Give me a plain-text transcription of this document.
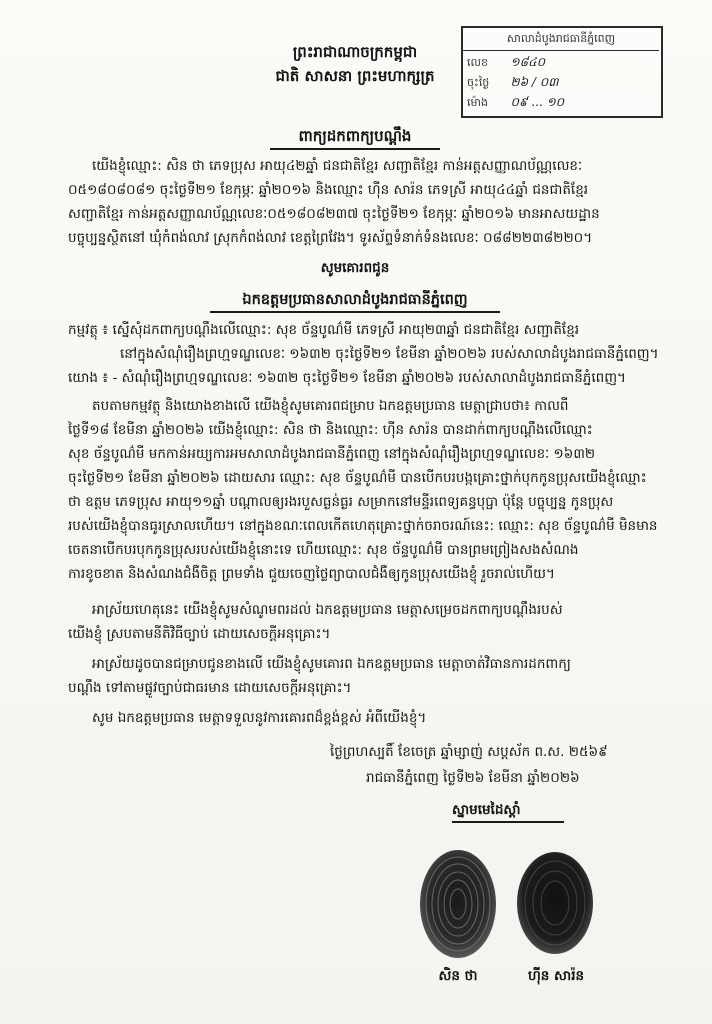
ព្រះរាជាណាចក្រកម្ពុជា
ជាតិ សាសនា ព្រះមហាក្សត្រ
សាលាដំបូងរាជធានីភ្នំពេញ
លេខ ១៨៤០
ចុះថ្ងៃ ២៦ / ០៣
ម៉ោង ០៩ ... ១០
ពាក្យដកពាក្យបណ្តឹង
យើងខ្ញុំឈ្មោះ: សិន ថា ភេទប្រុស អាយុ៤២ឆ្នាំ ជនជាតិខ្មែរ សញ្ជាតិខ្មែរ កាន់អត្តសញ្ញាណប័ណ្ណលេខៈ
០៥១៨០៨០៨១ ចុះថ្ងៃទី២១ ខែកុម្ភៈ ឆ្នាំ២០១៦ និងឈ្មោះ ហ៊ីន សារ៉ន ភេទស្រី អាយុ៤៤ឆ្នាំ ជនជាតិខ្មែរ
សញ្ជាតិខ្មែរ កាន់អត្តសញ្ញាណប័ណ្ណលេខៈ០៥១៨០៨២៣៧ ចុះថ្ងៃទី២១ ខែកុម្ភៈ ឆ្នាំ២០១៦ មានអាសយដ្ឋាន
បច្ចុប្បន្នស្ថិតនៅ ឃុំកំពង់លាវ ស្រុកកំពង់លាវ ខេត្តព្រៃវែង។ ទូរស័ព្ទទំនាក់ទំនងលេខៈ ០៨៨២២៣៨២២០។
សូមគោរពជូន
ឯកឧត្តមប្រធានសាលាដំបូងរាជធានីភ្នំពេញ
កម្មវត្ថុ ៖ ស្នើសុំដកពាក្យបណ្តឹងលើឈ្មោះ: សុខ ច័ន្ទបូណ៌មី ភេទស្រី អាយុ២៣ឆ្នាំ ជនជាតិខ្មែរ សញ្ជាតិខ្មែរ
នៅក្នុងសំណុំរឿងព្រហ្មទណ្ឌលេខៈ ១៦៣២ ចុះថ្ងៃទី២១ ខែមីនា ឆ្នាំ២០២៦ របស់សាលាដំបូងរាជធានីភ្នំពេញ។
យោង ៖ - សំណុំរឿងព្រហ្មទណ្ឌលេខៈ ១៦៣២ ចុះថ្ងៃទី២១ ខែមីនា ឆ្នាំ២០២៦ របស់សាលាដំបូងរាជធានីភ្នំពេញ។
តបតាមកម្មវត្ថុ និងយោងខាងលើ យើងខ្ញុំសូមគោរពជម្រាប ឯកឧត្តមប្រធាន មេត្តាជ្រាបថា៖ កាលពី
ថ្ងៃទី១៨ ខែមីនា ឆ្នាំ២០២៦ យើងខ្ញុំឈ្មោះ: សិន ថា និងឈ្មោះ: ហ៊ីន សារ៉ន បានដាក់ពាក្យបណ្តឹងលើឈ្មោះ
សុខ ច័ន្ទបូណ៌មី មកកាន់អយ្យការអមសាលាដំបូងរាជធានីភ្នំពេញ នៅក្នុងសំណុំរឿងព្រហ្មទណ្ឌលេខៈ ១៦៣២
ចុះថ្ងៃទី២១ ខែមីនា ឆ្នាំ២០២៦ ដោយសារ ឈ្មោះ: សុខ ច័ន្ទបូណ៌មី បានបើកបរបង្កគ្រោះថ្នាក់បុកកូនប្រុសយើងខ្ញុំឈ្មោះ
ថា ឧត្តម ភេទប្រុស អាយុ១១ឆ្នាំ បណ្តាលឲ្យរងរបួសធ្ងន់ធ្ងរ សម្រាកនៅមន្ទីរពេទ្យគន្ធបុប្ផា ប៉ុន្តែ បច្ចុប្បន្ន កូនប្រុស
របស់យើងខ្ញុំបានធូរស្រាលហើយ។ នៅក្នុងខណៈពេលកើតហេតុគ្រោះថ្នាក់ចរាចរណ៍នេះ: ឈ្មោះ: សុខ ច័ន្ទបូណ៌មី មិនមាន
ចេតនាបើកបរបុកកូនប្រុសរបស់យើងខ្ញុំនោះទេ ហើយឈ្មោះ: សុខ ច័ន្ទបូណ៌មី បានព្រមព្រៀងសងសំណង
ការខូចខាត និងសំណងជំងឺចិត្ត ព្រមទាំង ជួយចេញថ្លៃព្យាបាលជំងឺឲ្យកូនប្រុសយើងខ្ញុំ រួចរាល់ហើយ។
អាស្រ័យហេតុនេះ យើងខ្ញុំសូមសំណូមពរដល់ ឯកឧត្តមប្រធាន មេត្តាសម្រេចដកពាក្យបណ្តឹងរបស់
យើងខ្ញុំ ស្របតាមនីតិវិធីច្បាប់ ដោយសេចក្តីអនុគ្រោះ។
អាស្រ័យដូចបានជម្រាបជូនខាងលើ យើងខ្ញុំសូមគោរព ឯកឧត្តមប្រធាន មេត្តាចាត់វិធានការដកពាក្យ
បណ្តឹង ទៅតាមផ្លូវច្បាប់ជាធរមាន ដោយសេចក្តីអនុគ្រោះ។
សូម ឯកឧត្តមប្រធាន មេត្តាទទួលនូវការគោរពដ៏ខ្ពង់ខ្ពស់ អំពីយើងខ្ញុំ។
ថ្ងៃព្រហស្បតិ៍ ខែចេត្រ ឆ្នាំម្សាញ់ សប្តស័ក ព.ស. ២៥៦៩
រាជធានីភ្នំពេញ ថ្ងៃទី២៦ ខែមីនា ឆ្នាំ២០២៦
ស្នាមមេដៃស្តាំ
សិន ថា	ហ៊ីន សារ៉ន
